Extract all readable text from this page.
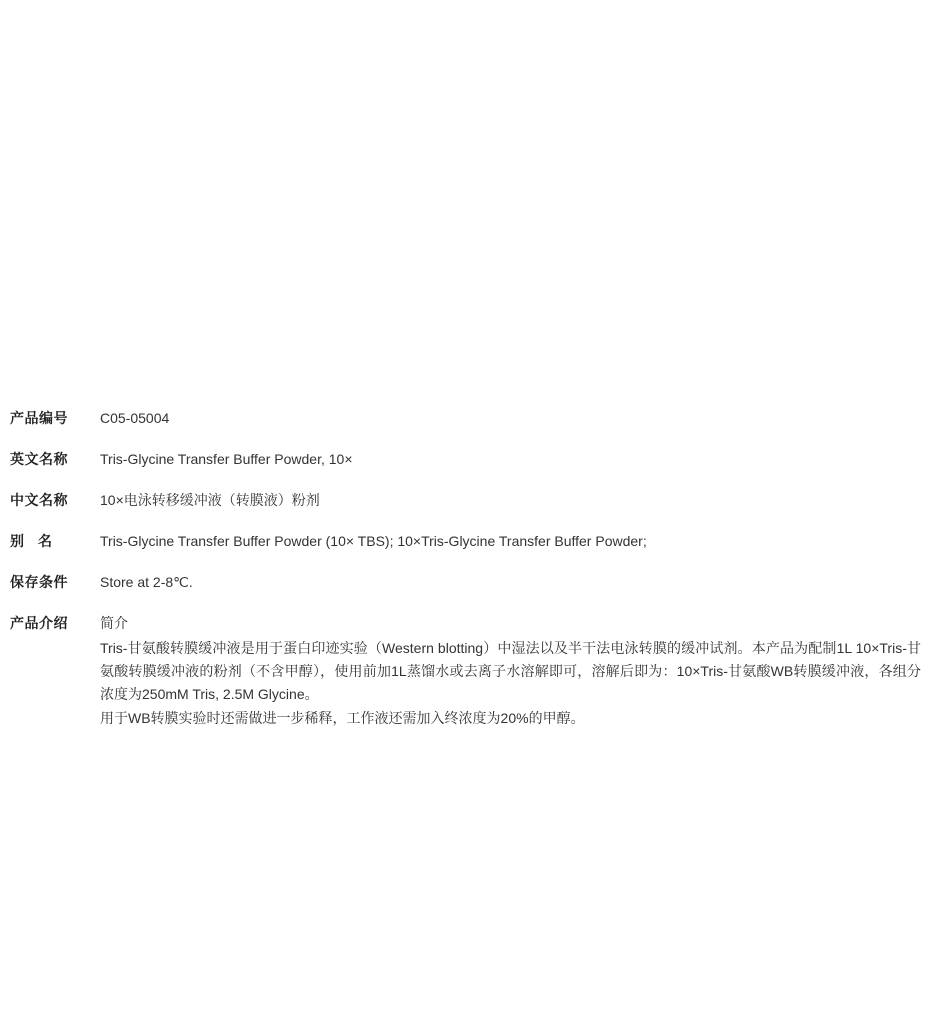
产品编号	C05-05004
英文名称	Tris-Glycine Transfer Buffer Powder, 10×
中文名称	10×电泳转移缓冲液（转膜液）粉剂
别　名	Tris-Glycine Transfer Buffer Powder (10× TBS); 10×Tris-Glycine Transfer Buffer Powder;
保存条件	Store at 2-8℃.
产品介绍	简介

Tris-甘氨酸转膜缓冲液是用于蛋白印迹实验（Western blotting）中湿法以及半干法电泳转膜的缓冲试剂。本产品为配制1L 10×Tris-甘氨酸转膜缓冲液的粉剂（不含甲醇），使用前加1L蒸馏水或去离子水溶解即可，溶解后即为：10×Tris-甘氨酸WB转膜缓冲液，各组分浓度为250mM Tris, 2.5M Glycine。

用于WB转膜实验时还需做进一步稀释，工作液还需加入终浓度为20%的甲醇。
